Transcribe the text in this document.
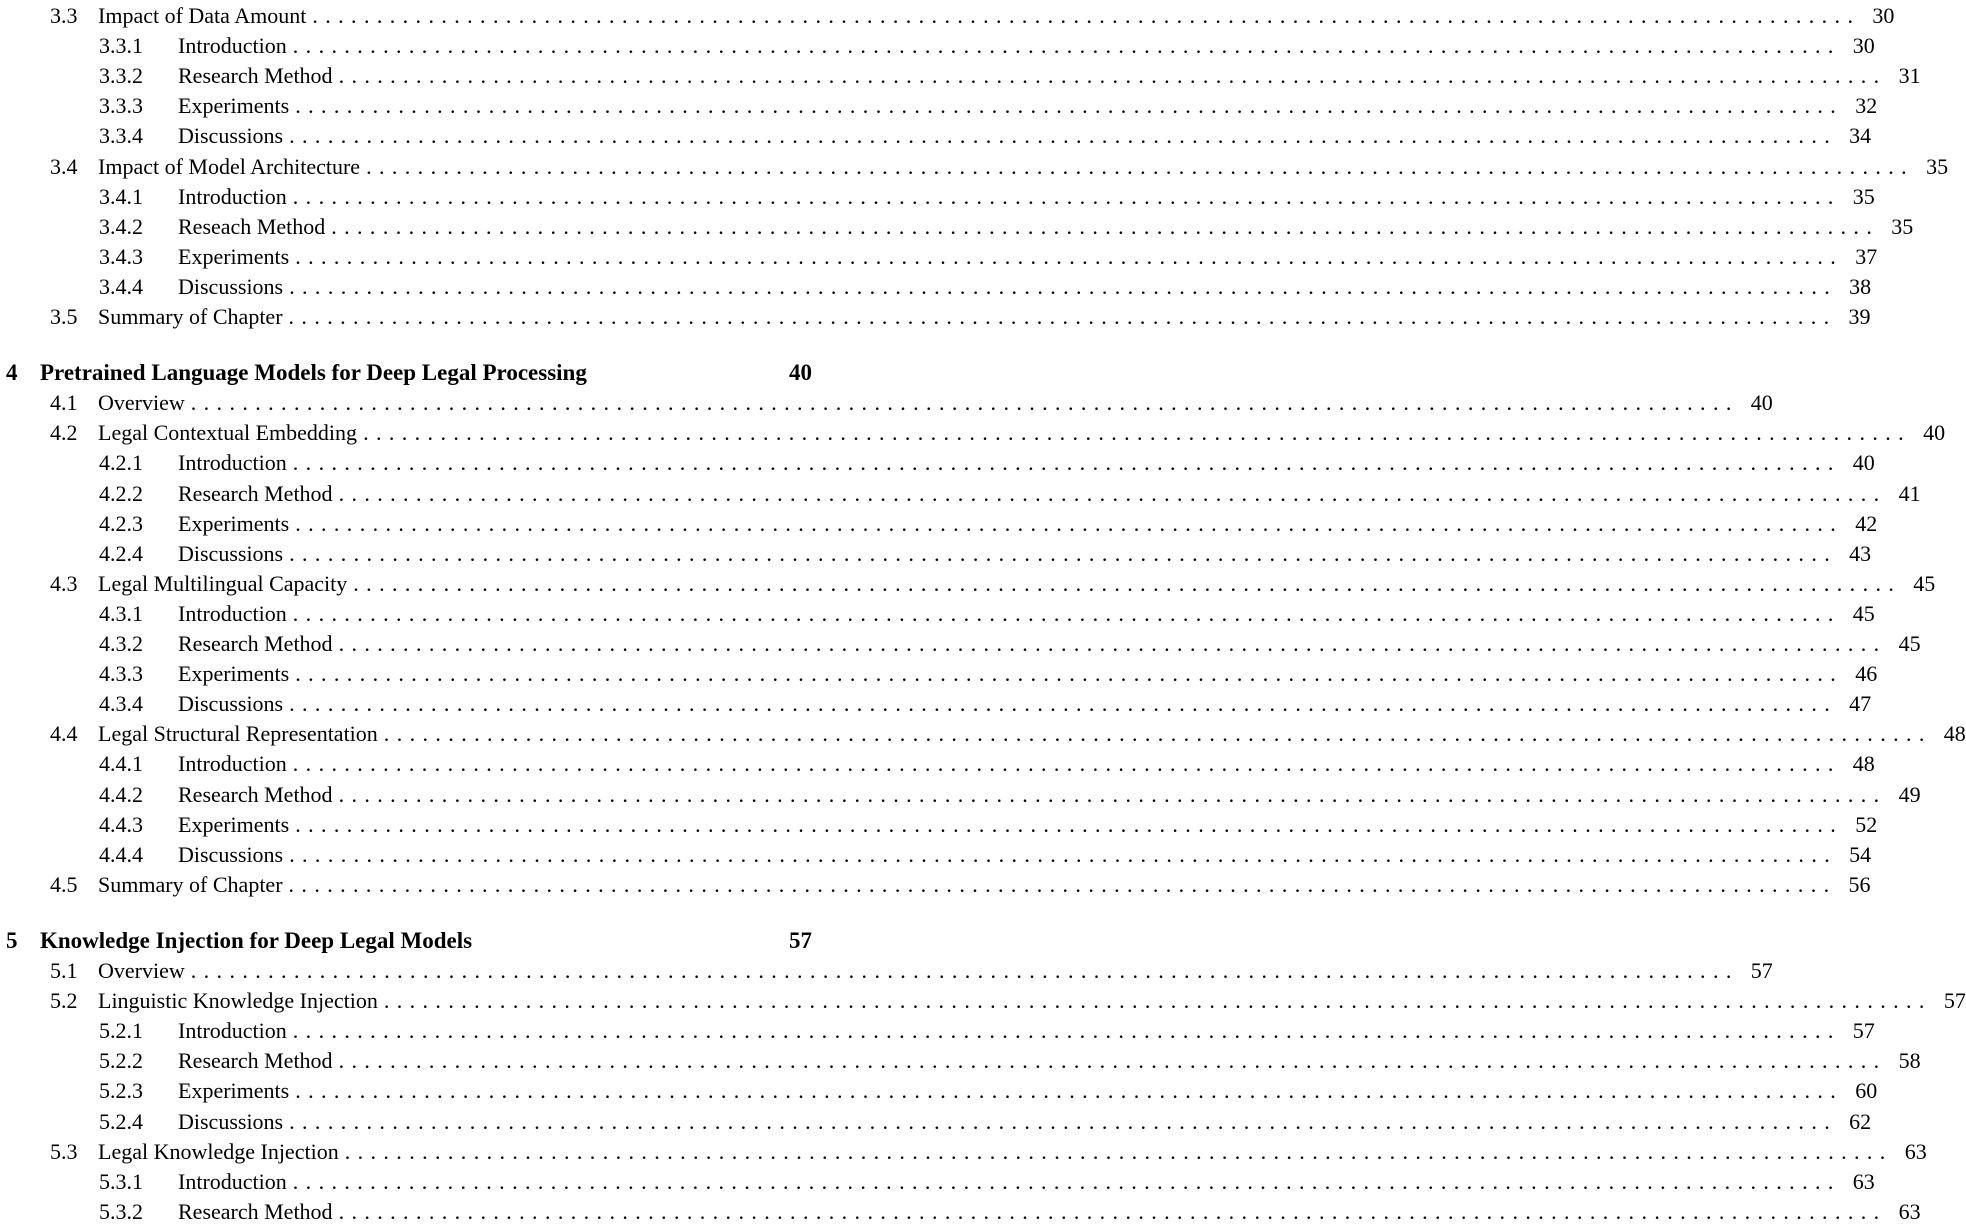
3.3 Impact of Data Amount ........................................................................................................................ 30
3.3.1 Introduction ........................................................................................................................ 30
3.3.2 Research Method ........................................................................................................................ 31
3.3.3 Experiments ........................................................................................................................ 32
3.3.4 Discussions ........................................................................................................................ 34
3.4 Impact of Model Architecture ........................................................................................................................ 35
3.4.1 Introduction ........................................................................................................................ 35
3.4.2 Reseach Method ........................................................................................................................ 35
3.4.3 Experiments ........................................................................................................................ 37
3.4.4 Discussions ........................................................................................................................ 38
3.5 Summary of Chapter ........................................................................................................................ 39
4 Pretrained Language Models for Deep Legal Processing	40
4.1 Overview ........................................................................................................................ 40
4.2 Legal Contextual Embedding ........................................................................................................................ 40
4.2.1 Introduction ........................................................................................................................ 40
4.2.2 Research Method ........................................................................................................................ 41
4.2.3 Experiments ........................................................................................................................ 42
4.2.4 Discussions ........................................................................................................................ 43
4.3 Legal Multilingual Capacity ........................................................................................................................ 45
4.3.1 Introduction ........................................................................................................................ 45
4.3.2 Research Method ........................................................................................................................ 45
4.3.3 Experiments ........................................................................................................................ 46
4.3.4 Discussions ........................................................................................................................ 47
4.4 Legal Structural Representation ........................................................................................................................ 48
4.4.1 Introduction ........................................................................................................................ 48
4.4.2 Research Method ........................................................................................................................ 49
4.4.3 Experiments ........................................................................................................................ 52
4.4.4 Discussions ........................................................................................................................ 54
4.5 Summary of Chapter ........................................................................................................................ 56
5 Knowledge Injection for Deep Legal Models	57
5.1 Overview ........................................................................................................................ 57
5.2 Linguistic Knowledge Injection ........................................................................................................................ 57
5.2.1 Introduction ........................................................................................................................ 57
5.2.2 Research Method ........................................................................................................................ 58
5.2.3 Experiments ........................................................................................................................ 60
5.2.4 Discussions ........................................................................................................................ 62
5.3 Legal Knowledge Injection ........................................................................................................................ 63
5.3.1 Introduction ........................................................................................................................ 63
5.3.2 Research Method ........................................................................................................................ 63
